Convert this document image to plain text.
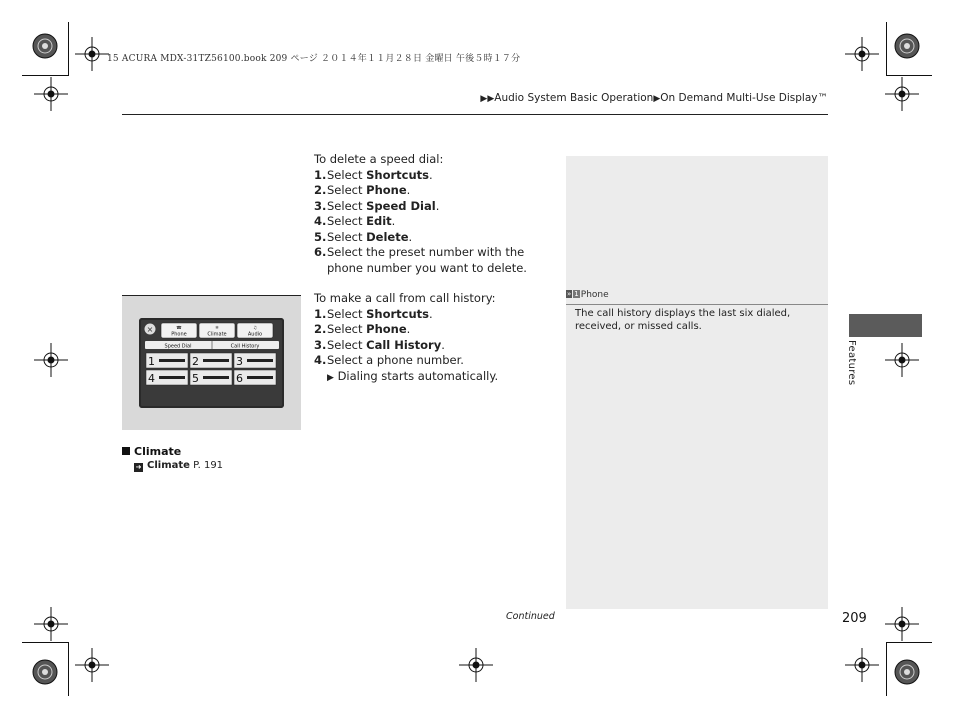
15 ACURA MDX-31TZ56100.book 209 ページ ２０１４年１１月２８日 金曜日 午後５時１７分
▶▶Audio System Basic Operation▶On Demand Multi-Use Display™
To delete a speed dial:
1. Select Shortcuts.
2. Select Phone.
3. Select Speed Dial.
4. Select Edit.
5. Select Delete.
6. Select the preset number with the phone number you want to delete.
To make a call from call history:
1. Select Shortcuts.
2. Select Phone.
3. Select Call History.
4. Select a phone number.
▶ Dialing starts automatically.
×	☎
Phone
❄
Climate
♫
Audio
Speed Dial	Call History
1	2	3
4	5	6
Climate
➜ Climate P. 191
» 1 Phone
The call history displays the last six dialed, received, or missed calls.
Features
Continued	209
